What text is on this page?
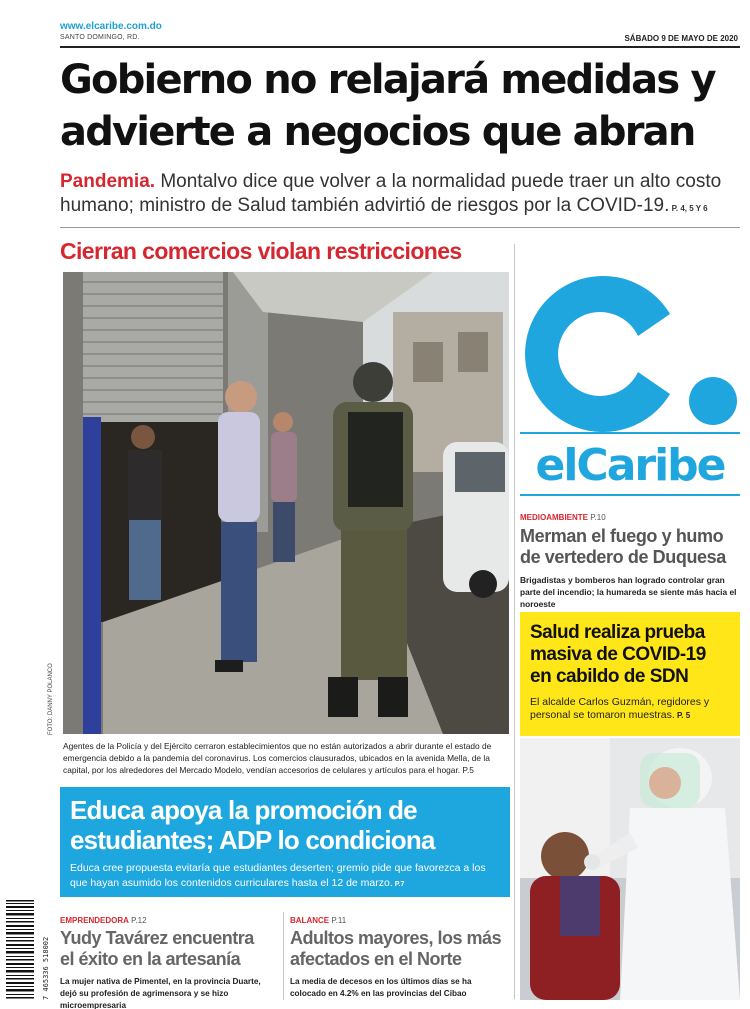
www.elcaribe.com.do
SANTO DOMINGO, RD.	SÁBADO 9 DE MAYO DE 2020
Gobierno no relajará medidas y
advierte a negocios que abran
Pandemia. Montalvo dice que volver a la normalidad puede traer un alto costo humano; ministro de Salud también advirtió de riesgos por la COVID-19. P. 4, 5 Y 6
Cierran comercios violan restricciones
FOTO: DANNY POLANCO
Agentes de la Policía y del Ejército cerraron establecimientos que no están autorizados a abrir durante el estado de emergencia debido a la pandemia del coronavirus. Los comercios clausurados, ubicados en la avenida Mella, de la capital, por los alrededores del Mercado Modelo, vendían accesorios de celulares y artículos para el hogar. P.5
elCaribe
MEDIOAMBIENTE P.10
Merman el fuego y humo de vertedero de Duquesa
Brigadistas y bomberos han logrado controlar gran parte del incendio; la humareda se siente más hacia el noroeste
Salud realiza prueba masiva de COVID-19 en cabildo de SDN
El alcalde Carlos Guzmán, regidores y personal se tomaron muestras. P. 5
Educa apoya la promoción de
estudiantes; ADP lo condiciona
Educa cree propuesta evitaría que estudiantes deserten; gremio pide que favorezca a los que hayan asumido los contenidos curriculares hasta el 12 de marzo. P.7
7 465336 518002
EMPRENDEDORA P.12
Yudy Tavárez encuentra
el éxito en la artesanía
La mujer nativa de Pimentel, en la provincia Duarte, dejó su profesión de agrimensora y se hizo microempresaria
BALANCE P.11
Adultos mayores, los más
afectados en el Norte
La media de decesos en los últimos días se ha colocado en 4.2% en las provincias del Cibao
